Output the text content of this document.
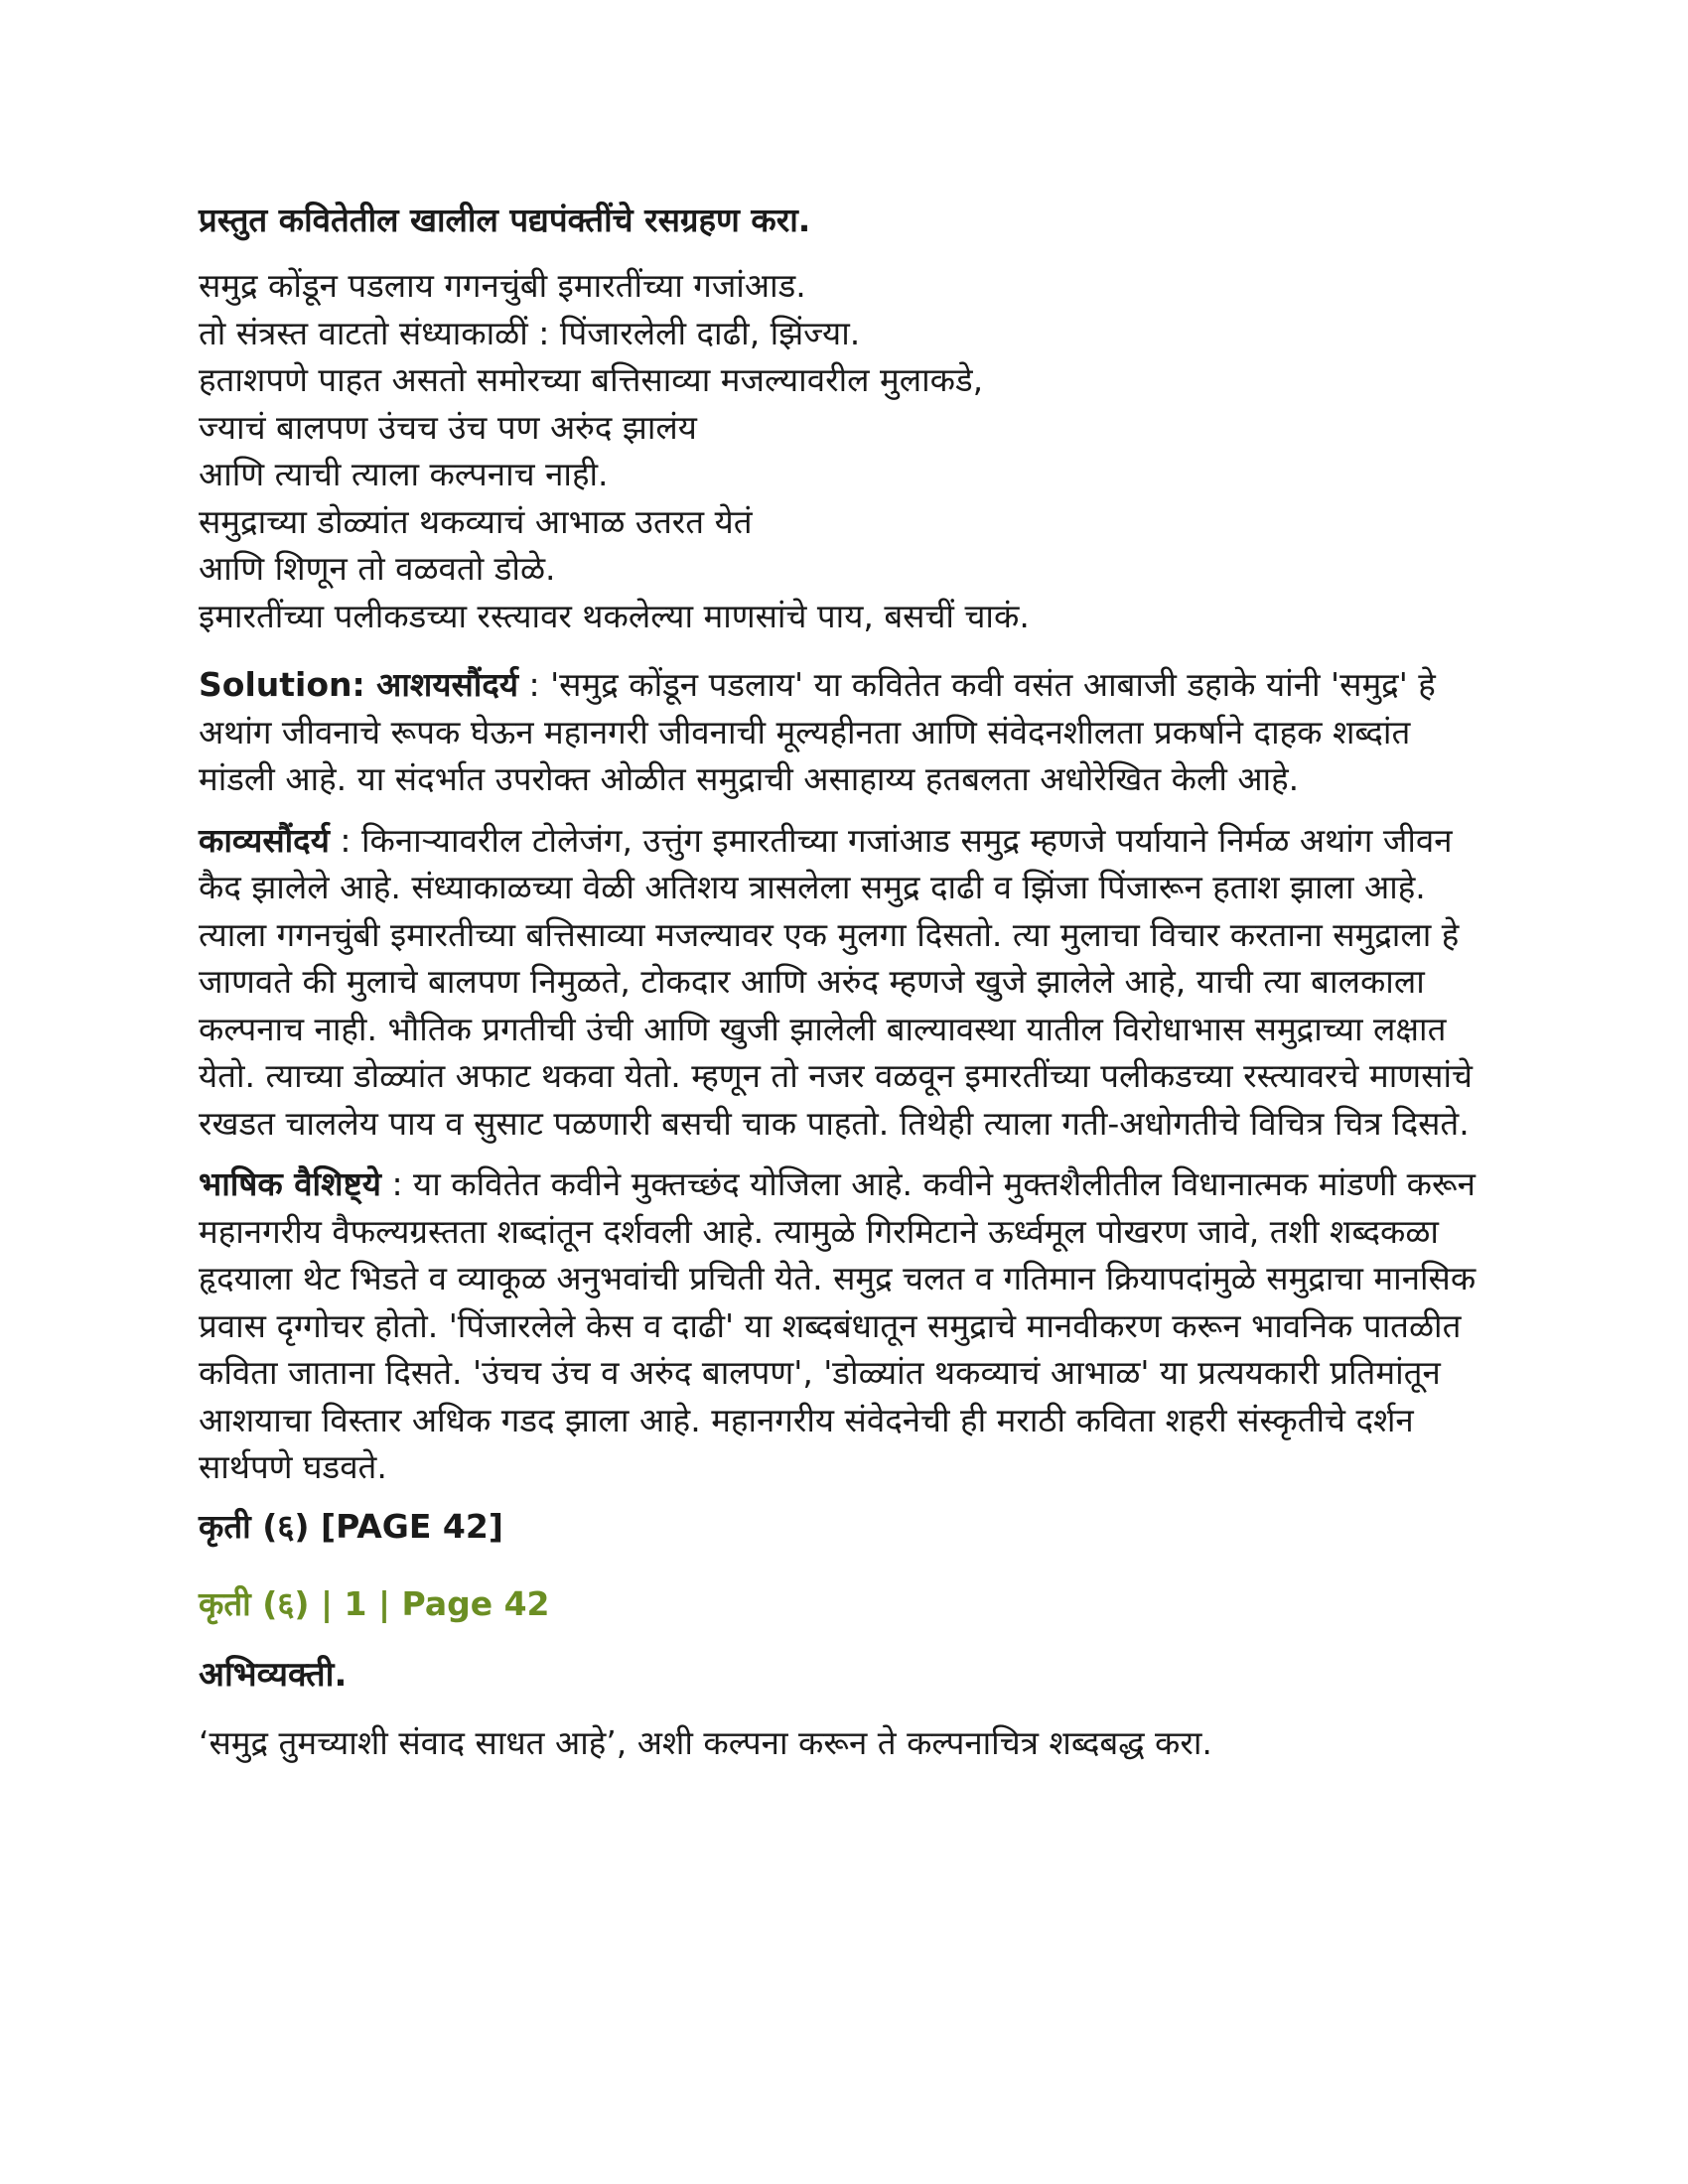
प्रस्तुत कवितेतील खालील पद्यपंक्तींचे रसग्रहण करा.
समुद्र कोंडून पडलाय गगनचुंबी इमारतींच्या गजांआड.
तो संत्रस्त वाटतो संध्याकाळीं : पिंजारलेली दाढी, झिंज्या.
हताशपणे पाहत असतो समोरच्या बत्तिसाव्या मजल्यावरील मुलाकडे,
ज्याचं बालपण उंचच उंच पण अरुंद झालंय
आणि त्याची त्याला कल्पनाच नाही.
समुद्राच्या डोळ्यांत थकव्याचं आभाळ उतरत येतं
आणि शिणून तो वळवतो डोळे.
इमारतींच्या पलीकडच्या रस्त्यावर थकलेल्या माणसांचे पाय, बसचीं चाकं.

Solution: आशयसौंदर्य : 'समुद्र कोंडून पडलाय' या कवितेत कवी वसंत आबाजी डहाके यांनी 'समुद्र' हे अथांग जीवनाचे रूपक घेऊन महानगरी जीवनाची मूल्यहीनता आणि संवेदनशीलता प्रकर्षाने दाहक शब्दांत मांडली आहे. या संदर्भात उपरोक्त ओळीत समुद्राची असाहाय्य हतबलता अधोरेखित केली आहे.

काव्यसौंदर्य : किनाऱ्यावरील टोलेजंग, उत्तुंग इमारतीच्या गजांआड समुद्र म्हणजे पर्यायाने निर्मळ अथांग जीवन कैद झालेले आहे. संध्याकाळच्या वेळी अतिशय त्रासलेला समुद्र दाढी व झिंजा पिंजारून हताश झाला आहे. त्याला गगनचुंबी इमारतीच्या बत्तिसाव्या मजल्यावर एक मुलगा दिसतो. त्या मुलाचा विचार करताना समुद्राला हे जाणवते की मुलाचे बालपण निमुळते, टोकदार आणि अरुंद म्हणजे खुजे झालेले आहे, याची त्या बालकाला कल्पनाच नाही. भौतिक प्रगतीची उंची आणि खुजी झालेली बाल्यावस्था यातील विरोधाभास समुद्राच्या लक्षात येतो. त्याच्या डोळ्यांत अफाट थकवा येतो. म्हणून तो नजर वळवून इमारतींच्या पलीकडच्या रस्त्यावरचे माणसांचे रखडत चाललेय पाय व सुसाट पळणारी बसची चाक पाहतो. तिथेही त्याला गती-अधोगतीचे विचित्र चित्र दिसते.

भाषिक वैशिष्ट्ये : या कवितेत कवीने मुक्तच्छंद योजिला आहे. कवीने मुक्तशैलीतील विधानात्मक मांडणी करून महानगरीय वैफल्यग्रस्तता शब्दांतून दर्शवली आहे. त्यामुळे गिरमिटाने ऊर्ध्वमूल पोखरण जावे, तशी शब्दकळा हृदयाला थेट भिडते व व्याकूळ अनुभवांची प्रचिती येते. समुद्र चलत व गतिमान क्रियापदांमुळे समुद्राचा मानसिक प्रवास दृग्गोचर होतो. 'पिंजारलेले केस व दाढी' या शब्दबंधातून समुद्राचे मानवीकरण करून भावनिक पातळीत कविता जाताना दिसते. 'उंचच उंच व अरुंद बालपण', 'डोळ्यांत थकव्याचं आभाळ' या प्रत्ययकारी प्रतिमांतून आशयाचा विस्तार अधिक गडद झाला आहे. महानगरीय संवेदनेची ही मराठी कविता शहरी संस्कृतीचे दर्शन सार्थपणे घडवते.

कृती (६) [PAGE 42]
कृती (६) | 1 | Page 42
अभिव्यक्ती.

‘समुद्र तुमच्याशी संवाद साधत आहे’, अशी कल्पना करून ते कल्पनाचित्र शब्दबद्ध करा.
